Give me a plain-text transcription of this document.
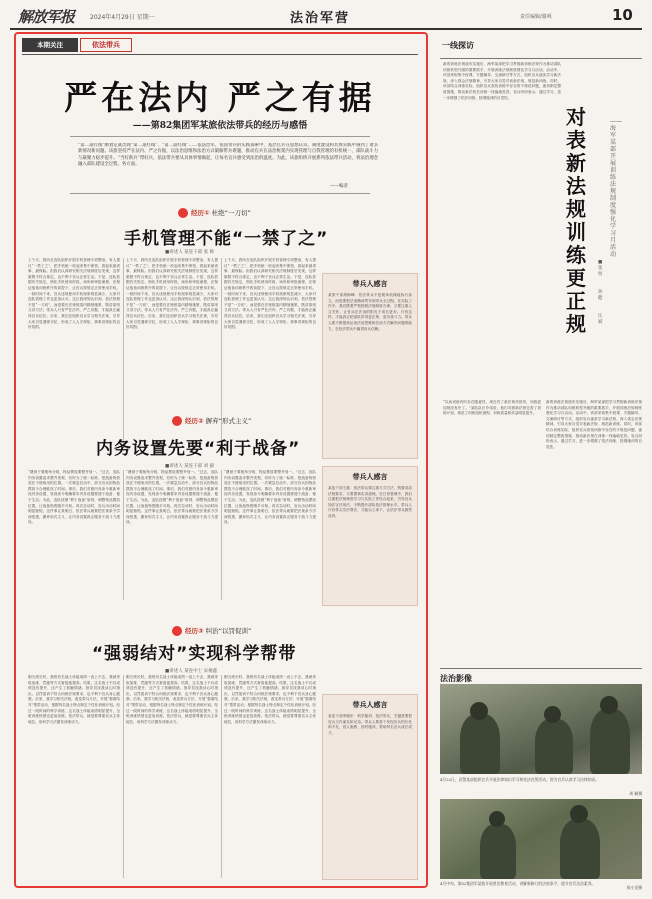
解放军报	2024年4月29日 星期一	法治军营	责任编辑/骆飒	10
本期关注	依法带兵
严在法内 严之有据
——第82集团军某旅依法带兵的经历与感悟
“第二道红线”刚划定就出现“第二道红线”、“第二道红线”……依法治军、依法带兵的实践探索中，基层官兵在思想认识、制度建设和具体实践中遇到了诸多新情况新问题。该旅坚持严在法内、严之有据，以法治思维和法治方式破解带兵难题，推动官兵在法治框架内实现管理与自我管理的有机统一，部队战斗力与凝聚力稳步提升。“当好新兵”带好兵，依法带兵要从具体事情做起，让每名官兵感受到法治的温度。为此，该旅组织开展系列依法带兵活动，将法治理念融入部队建设全过程、各方面。
——编者
经历① 杜绝“一刀切”
手机管理不能“一禁了之”
■讲述人 某连干部 张 帅
上个月，我所在连队组织开展手机管理专项整治，有人提议“一禁了之”，把手机统一收起来集中保管，看起来最省事、最保险。但我们认真研究相关法规制度后发现，这样做既不符合规定，也不利于官兵正常生活。于是，连队依据有关规定，细化手机使用时段、场所和审批流程，在保证战备训练秩序的前提下，让官兵按规定正常使用手机。一段时间下来，官兵违规使用手机现象明显减少，大家对连队管理工作也更加认可。这让我深刻认识到，依法管理不是“一刀切”，而是要在法规框架内精细施策，既讲原则又讲方法。带兵人只有严在法内、严之有据，才能真正赢得官兵信任。后来，我们还组织官兵学习相关法规，引导大家自觉遵规守纪，形成了人人守规矩、事事讲规矩的良好氛围。
上个月，我所在连队组织开展手机管理专项整治，有人提议“一禁了之”，把手机统一收起来集中保管，看起来最省事、最保险。但我们认真研究相关法规制度后发现，这样做既不符合规定，也不利于官兵正常生活。于是，连队依据有关规定，细化手机使用时段、场所和审批流程，在保证战备训练秩序的前提下，让官兵按规定正常使用手机。一段时间下来，官兵违规使用手机现象明显减少，大家对连队管理工作也更加认可。这让我深刻认识到，依法管理不是“一刀切”，而是要在法规框架内精细施策，既讲原则又讲方法。带兵人只有严在法内、严之有据，才能真正赢得官兵信任。后来，我们还组织官兵学习相关法规，引导大家自觉遵规守纪，形成了人人守规矩、事事讲规矩的良好氛围。
上个月，我所在连队组织开展手机管理专项整治，有人提议“一禁了之”，把手机统一收起来集中保管，看起来最省事、最保险。但我们认真研究相关法规制度后发现，这样做既不符合规定，也不利于官兵正常生活。于是，连队依据有关规定，细化手机使用时段、场所和审批流程，在保证战备训练秩序的前提下，让官兵按规定正常使用手机。一段时间下来，官兵违规使用手机现象明显减少，大家对连队管理工作也更加认可。这让我深刻认识到，依法管理不是“一刀切”，而是要在法规框架内精细施策，既讲原则又讲方法。带兵人只有严在法内、严之有据，才能真正赢得官兵信任。后来，我们还组织官兵学习相关法规，引导大家自觉遵规守纪，形成了人人守规矩、事事讲规矩的良好氛围。
带兵人感言
某旅干部胡海峰：依法带兵不是简单机械地执行条文，而是要把法治精神贯穿到带兵全过程。在实际工作中，我们既要严格按照法规制度办事，又要注重人文关怀，让官兵在法治的阳光下成长进步。只有这样，才能真正把部队带得更正规、更有战斗力。带兵人要不断提高运用法治思维和法治方式解决问题的能力，在依法带兵中赢得官兵信赖。
经历② 摒弃“形式主义”
内务设置先要“利于战备”
■讲述人 某连干部 刘 毅
“叠被子要棱角分明，物品摆放要整齐划一。”过去，连队内务设置追求整齐美观，有时为了统一标准，把战备物资放在不便取用的位置。一次紧急拉动中，部分官兵因物品摆放不合理耽误了时间。事后，我们对照内务条令重新审视内务设置，发现条令明确要求内务设置要便于战备、便于生活。为此，连队按照“利于战备”原则，调整物品摆放位置，让战备物资随手可取。再次拉动时，官兵出动时间明显缩短。这件事让我明白，依法带兵就要把法规条令学深悟透，摒弃形式主义，让内务设置真正服务于战斗力建设。
“叠被子要棱角分明，物品摆放要整齐划一。”过去，连队内务设置追求整齐美观，有时为了统一标准，把战备物资放在不便取用的位置。一次紧急拉动中，部分官兵因物品摆放不合理耽误了时间。事后，我们对照内务条令重新审视内务设置，发现条令明确要求内务设置要便于战备、便于生活。为此，连队按照“利于战备”原则，调整物品摆放位置，让战备物资随手可取。再次拉动时，官兵出动时间明显缩短。这件事让我明白，依法带兵就要把法规条令学深悟透，摒弃形式主义，让内务设置真正服务于战斗力建设。
“叠被子要棱角分明，物品摆放要整齐划一。”过去，连队内务设置追求整齐美观，有时为了统一标准，把战备物资放在不便取用的位置。一次紧急拉动中，部分官兵因物品摆放不合理耽误了时间。事后，我们对照内务条令重新审视内务设置，发现条令明确要求内务设置要便于战备、便于生活。为此，连队按照“利于战备”原则，调整物品摆放位置，让战备物资随手可取。再次拉动时，官兵出动时间明显缩短。这件事让我明白，依法带兵就要把法规条令学深悟透，摒弃形式主义，让内务设置真正服务于战斗力建设。
带兵人感言
某连干部王磊：依法带兵要注重方式方法，既要讲清法规要求，又要摆事实讲道理。在日常管理中，我们注重把法规制度学习与实际工作结合起来，引导官兵知法守法用法，不断提升部队依法管理水平。带兵人只有带头学法尊法，才能以上率下，让依法带兵蔚然成风。
经历③ 纠治“以罚促训”
“强弱结对”实现科学帮带
■讲述人 某连中士 宋俊鑫
刚当班长时，我班有名战士体能成绩一直上不去，我就采取加练、罚跑等方式督促他提高。结果，这名战士不仅成绩没有提升，还产生了抵触情绪。指导员找我谈心时指出，以罚促训不符合训练法规要求，也不利于官兵身心健康。后来，我学习相关法规，改变带兵方法，开展“强弱结对”帮带活动，根据每名战士特点制定个性化训练计划。经过一段时间的科学训练，这名战士体能成绩明显提升，全班训练热情也更加高涨。依法带兵，就是要尊重官兵主体地位，用科学方法激发训练动力。
刚当班长时，我班有名战士体能成绩一直上不去，我就采取加练、罚跑等方式督促他提高。结果，这名战士不仅成绩没有提升，还产生了抵触情绪。指导员找我谈心时指出，以罚促训不符合训练法规要求，也不利于官兵身心健康。后来，我学习相关法规，改变带兵方法，开展“强弱结对”帮带活动，根据每名战士特点制定个性化训练计划。经过一段时间的科学训练，这名战士体能成绩明显提升，全班训练热情也更加高涨。依法带兵，就是要尊重官兵主体地位，用科学方法激发训练动力。
刚当班长时，我班有名战士体能成绩一直上不去，我就采取加练、罚跑等方式督促他提高。结果，这名战士不仅成绩没有提升，还产生了抵触情绪。指导员找我谈心时指出，以罚促训不符合训练法规要求，也不利于官兵身心健康。后来，我学习相关法规，改变带兵方法，开展“强弱结对”帮带活动，根据每名战士特点制定个性化训练计划。经过一段时间的科学训练，这名战士体能成绩明显提升，全班训练热情也更加高涨。依法带兵，就是要尊重官兵主体地位，用科学方法激发训练动力。
带兵人感言
某连干部李晓东：科学施训、依法带兵，关键是要把官兵当作朋友和兄弟。带兵人要善于发现官兵的长处和不足，因人施教、因材施训，帮助每名官兵成长成才。
一线探访
新的训练法规颁布实施后，海军某部把学习贯彻新训练法规作为推动部队训练转型升级的重要抓手，开展训练法规制度强化学习月活动。活动中，该部采取集中授课、专题辅导、交流研讨等方式，组织官兵逐条学习新法规，深入领会法规精神，引导大家自觉对表新法规、规范新训练。同时，该部结合训练实际，组织官兵查找训练中存在的不规范问题，逐项制定整改措施，推动新法规在训练一线落地见效。官兵纷纷表示，通过学习，进一步增强了依法训练、按纲施训的自觉性。
“以前训练有时存在随意性，现在有了新法规作指导，训练更加规范有序了。”某队队长介绍说，他们对照新法规完善了训练计划，规范了训练组织流程，训练质量和效益明显提升。
新的训练法规颁布实施后，海军某部把学习贯彻新训练法规作为推动部队训练转型升级的重要抓手，开展训练法规制度强化学习月活动。活动中，该部采取集中授课、专题辅导、交流研讨等方式，组织官兵逐条学习新法规，深入领会法规精神，引导大家自觉对表新法规、规范新训练。同时，该部结合训练实际，组织官兵查找训练中存在的不规范问题，逐项制定整改措施，推动新法规在训练一线落地见效。官兵纷纷表示，通过学习，进一步增强了依法训练、按纲施训的自觉性。
对表新法规 训练更正规
——海军某部开展训练法规制度强化学习月活动
■张 恒
孙 健
汪 斌
法治影像
4月22日，武警某部组织官兵开展法律知识学习和宪法宣誓活动。图为官兵认真学习法律知识。
周 颖摄
4月中旬，第82集团军某旅开展普法教育活动，讲解新修订的法规条令，提升官兵法治素养。
陈小龙摄
